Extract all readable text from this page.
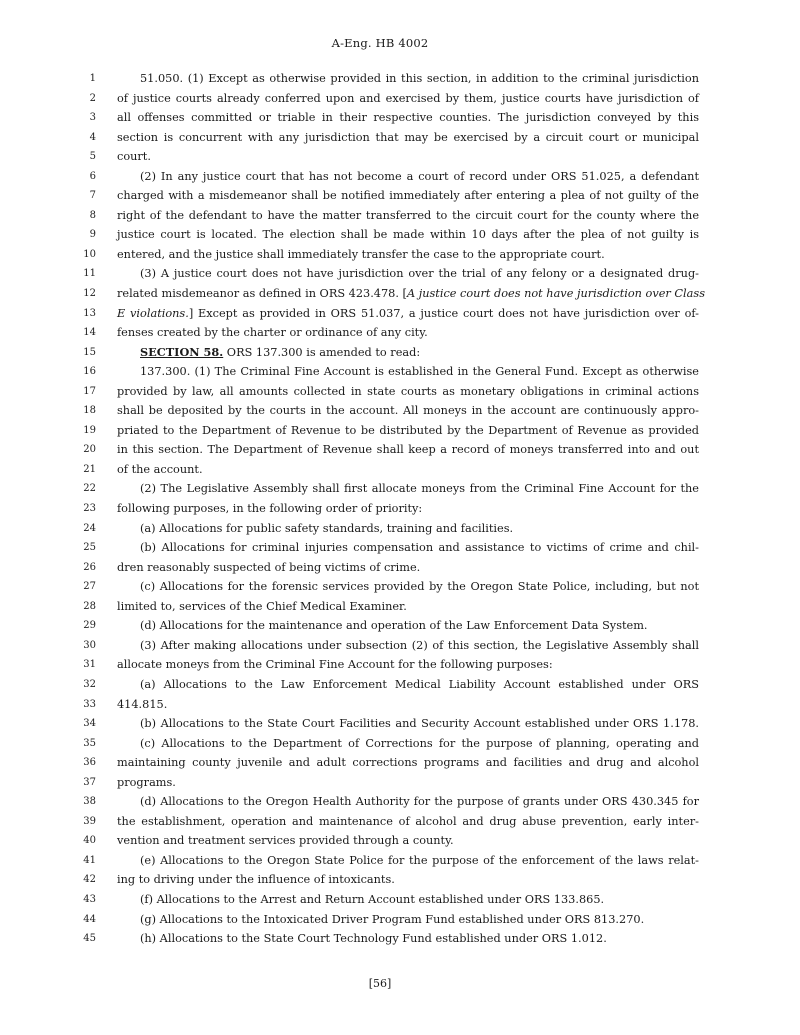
A-Eng. HB 4002
1	51.050. (1) Except as otherwise provided in this section, in addition to the criminal jurisdiction
2 of justice courts already conferred upon and exercised by them, justice courts have jurisdiction of
3 all offenses committed or triable in their respective counties. The jurisdiction conveyed by this
4 section is concurrent with any jurisdiction that may be exercised by a circuit court or municipal
5 court.
6	(2) In any justice court that has not become a court of record under ORS 51.025, a defendant
7 charged with a misdemeanor shall be notified immediately after entering a plea of not guilty of the
8 right of the defendant to have the matter transferred to the circuit court for the county where the
9 justice court is located. The election shall be made within 10 days after the plea of not guilty is
10 entered, and the justice shall immediately transfer the case to the appropriate court.
11	(3) A justice court does not have jurisdiction over the trial of any felony or a designated drug-
12 related misdemeanor as defined in ORS 423.478. [A justice court does not have jurisdiction over Class
13 E violations.] Except as provided in ORS 51.037, a justice court does not have jurisdiction over of-
14 fenses created by the charter or ordinance of any city.
15	SECTION 58. ORS 137.300 is amended to read:
16	137.300. (1) The Criminal Fine Account is established in the General Fund. Except as otherwise
17 provided by law, all amounts collected in state courts as monetary obligations in criminal actions
18 shall be deposited by the courts in the account. All moneys in the account are continuously appro-
19 priated to the Department of Revenue to be distributed by the Department of Revenue as provided
20 in this section. The Department of Revenue shall keep a record of moneys transferred into and out
21 of the account.
22	(2) The Legislative Assembly shall first allocate moneys from the Criminal Fine Account for the
23 following purposes, in the following order of priority:
24	(a) Allocations for public safety standards, training and facilities.
25	(b) Allocations for criminal injuries compensation and assistance to victims of crime and chil-
26 dren reasonably suspected of being victims of crime.
27	(c) Allocations for the forensic services provided by the Oregon State Police, including, but not
28 limited to, services of the Chief Medical Examiner.
29	(d) Allocations for the maintenance and operation of the Law Enforcement Data System.
30	(3) After making allocations under subsection (2) of this section, the Legislative Assembly shall
31 allocate moneys from the Criminal Fine Account for the following purposes:
32	(a) Allocations to the Law Enforcement Medical Liability Account established under ORS
33 414.815.
34	(b) Allocations to the State Court Facilities and Security Account established under ORS 1.178.
35	(c) Allocations to the Department of Corrections for the purpose of planning, operating and
36 maintaining county juvenile and adult corrections programs and facilities and drug and alcohol
37 programs.
38	(d) Allocations to the Oregon Health Authority for the purpose of grants under ORS 430.345 for
39 the establishment, operation and maintenance of alcohol and drug abuse prevention, early inter-
40 vention and treatment services provided through a county.
41	(e) Allocations to the Oregon State Police for the purpose of the enforcement of the laws relat-
42 ing to driving under the influence of intoxicants.
43	(f) Allocations to the Arrest and Return Account established under ORS 133.865.
44	(g) Allocations to the Intoxicated Driver Program Fund established under ORS 813.270.
45	(h) Allocations to the State Court Technology Fund established under ORS 1.012.
[56]
